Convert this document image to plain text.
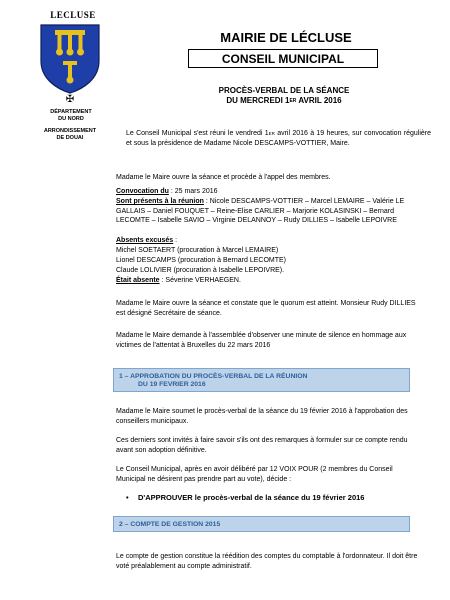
LECLUSE
✠
DÉPARTEMENT
DU NORD
ARRONDISSEMENT
DE DOUAI
MAIRIE DE LÉCLUSE
CONSEIL MUNICIPAL
PROCÈS-VERBAL DE LA SÉANCE
DU MERCREDI 1ER AVRIL 2016
Le Conseil Municipal s'est réuni le vendredi 1ER avril 2016 à 19 heures, sur convocation régulière et sous la présidence de Madame Nicole DESCAMPS-VOTTIER, Maire.
Madame le Maire ouvre la séance et procède à l'appel des membres.
Convocation du : 25 mars 2016
Sont présents à la réunion : Nicole DESCAMPS-VOTTIER – Marcel LEMAIRE – Valérie LE GALLAIS – Daniel FOUQUET – Reine-Elise CARLIER – Marjorie KOLASINSKI – Bernard LECOMTE – Isabelle SAVIO – Virginie DELANNOY – Rudy DILLIES – Isabelle LEPOIVRE
Absents excusés :
Michel SOETAERT (procuration à Marcel LEMAIRE)
Lionel DESCAMPS (procuration à Bernard LECOMTE)
Claude LOLIVIER (procuration à Isabelle LEPOIVRE).
Était absente : Séverine VERHAEGEN.
Madame le Maire ouvre la séance et constate que le quorum est atteint. Monsieur Rudy DILLIES est désigné Secrétaire de séance.
Madame le Maire demande à l'assemblée d'observer une minute de silence en hommage aux victimes de l'attentat à Bruxelles du 22 mars 2016
1 – APPROBATION DU PROCÈS-VERBAL DE LA RÉUNION
DU 19 FEVRIER 2016
Madame le Maire soumet le procès-verbal de la séance du 19 février 2016 à l'approbation des conseillers municipaux.
Ces derniers sont invités à faire savoir s'ils ont des remarques à formuler sur ce compte rendu avant son adoption définitive.
Le Conseil Municipal, après en avoir délibéré par 12 VOIX POUR (2 membres du Conseil Municipal ne désirent pas prendre part au vote), décide :
• D'APPROUVER le procès-verbal de la séance du 19 février 2016
2 – COMPTE DE GESTION 2015
Le compte de gestion constitue la réédition des comptes du comptable à l'ordonnateur. Il doit être voté préalablement au compte administratif.
